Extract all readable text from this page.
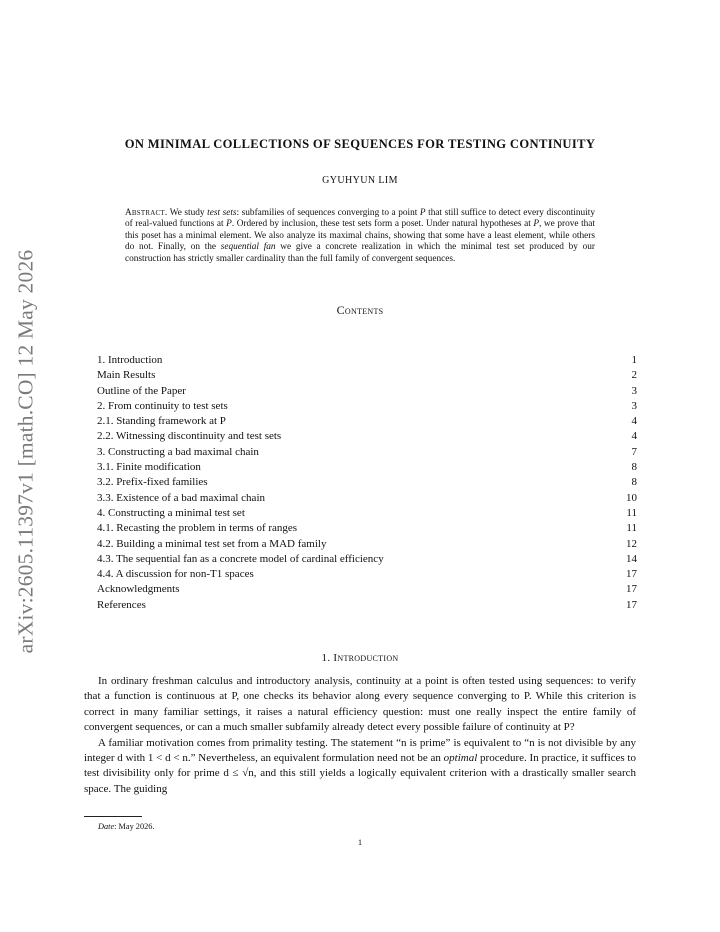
arXiv:2605.11397v1 [math.CO] 12 May 2026
ON MINIMAL COLLECTIONS OF SEQUENCES FOR TESTING CONTINUITY
GYUHYUN LIM

Abstract. We study test sets: subfamilies of sequences converging to a point P that still suffice to detect every discontinuity of real-valued functions at P. Ordered by inclusion, these test sets form a poset. Under natural hypotheses at P, we prove that this poset has a minimal element. We also analyze its maximal chains, showing that some have a least element, while others do not. Finally, on the sequential fan we give a concrete realization in which the minimal test set produced by our construction has strictly smaller cardinality than the full family of convergent sequences.

Contents
1. Introduction	1
Main Results	2
Outline of the Paper	3
2. From continuity to test sets	3
2.1. Standing framework at P	4
2.2. Witnessing discontinuity and test sets	4
3. Constructing a bad maximal chain	7
3.1. Finite modification	8
3.2. Prefix-fixed families	8
3.3. Existence of a bad maximal chain	10
4. Constructing a minimal test set	11
4.1. Recasting the problem in terms of ranges	11
4.2. Building a minimal test set from a MAD family	12
4.3. The sequential fan as a concrete model of cardinal efficiency	14
4.4. A discussion for non-T1 spaces	17
Acknowledgments	17
References	17
1. Introduction

In ordinary freshman calculus and introductory analysis, continuity at a point is often tested using sequences: to verify that a function is continuous at P, one checks its behavior along every sequence converging to P. While this criterion is correct in many familiar settings, it raises a natural efficiency question: must one really inspect the entire family of convergent sequences, or can a much smaller subfamily already detect every possible failure of continuity at P?

A familiar motivation comes from primality testing. The statement “n is prime” is equivalent to “n is not divisible by any integer d with 1 < d < n.” Nevertheless, an equivalent formulation need not be an optimal procedure. In practice, it suffices to test divisibility only for prime d ≤ √n, and this still yields a logically equivalent criterion with a drastically smaller search space. The guiding

Date: May 2026.
1
